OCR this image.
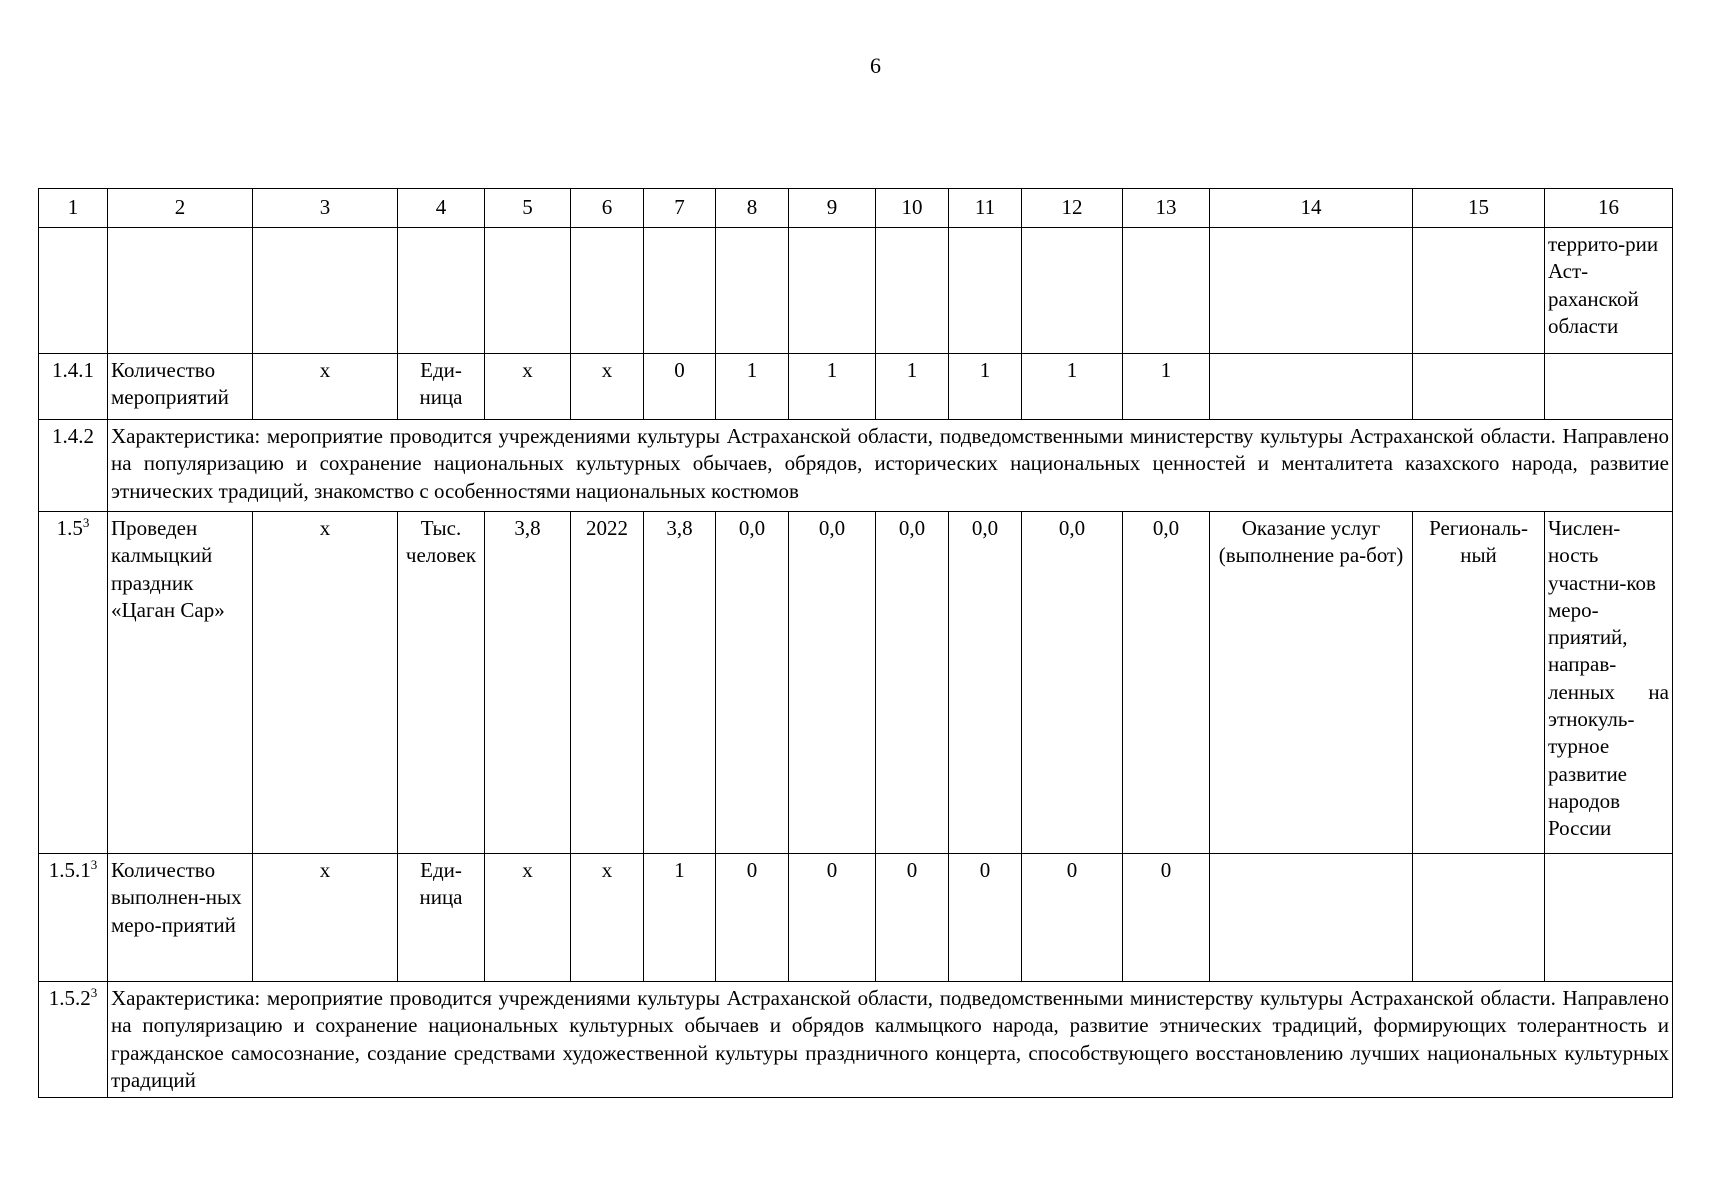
6
1	2	3	4	5	6	7	8	9	10	11	12	13	14	15	16
															террито-рии Аст-раханской области
1.4.1	Количество мероприятий	х	Еди-ница	х	х	0	1	1	1	1	1	1			
1.4.2	Характеристика: мероприятие проводится учреждениями культуры Астраханской области, подведомственными министерству культуры Астраханской области. Направлено на популяризацию и сохранение национальных культурных обычаев, обрядов, исторических национальных ценностей и менталитета казахского народа, развитие этнических традиций, знакомство с особенностями национальных костюмов														
$1.5^3$	Проведен калмыцкий праздник «Цаган Сар»	х	Тыс. человек	3,8	2022	3,8	0,0	0,0	0,0	0,0	0,0	0,0	Оказание услуг (выполнение ра-бот)	Региональ-ный	Числен-ность участни-ков меро-приятий, направ-ленных на этнокуль-турное развитие народов России
1.5.1$^3$	Количество выполнен-ных меро-приятий	х	Еди-ница	х	х	1	0	0	0	0	0	0			
1.5.2$^3$	Характеристика: мероприятие проводится учреждениями культуры Астраханской области, подведомственными министерству культуры Астраханской области. Направлено на популяризацию и сохранение национальных культурных обычаев и обрядов калмыцкого народа, развитие этнических традиций, формирующих толерантность и гражданское самосознание, создание средствами художественной культуры праздничного концерта, способствующего восстановлению лучших национальных культурных традиций														
